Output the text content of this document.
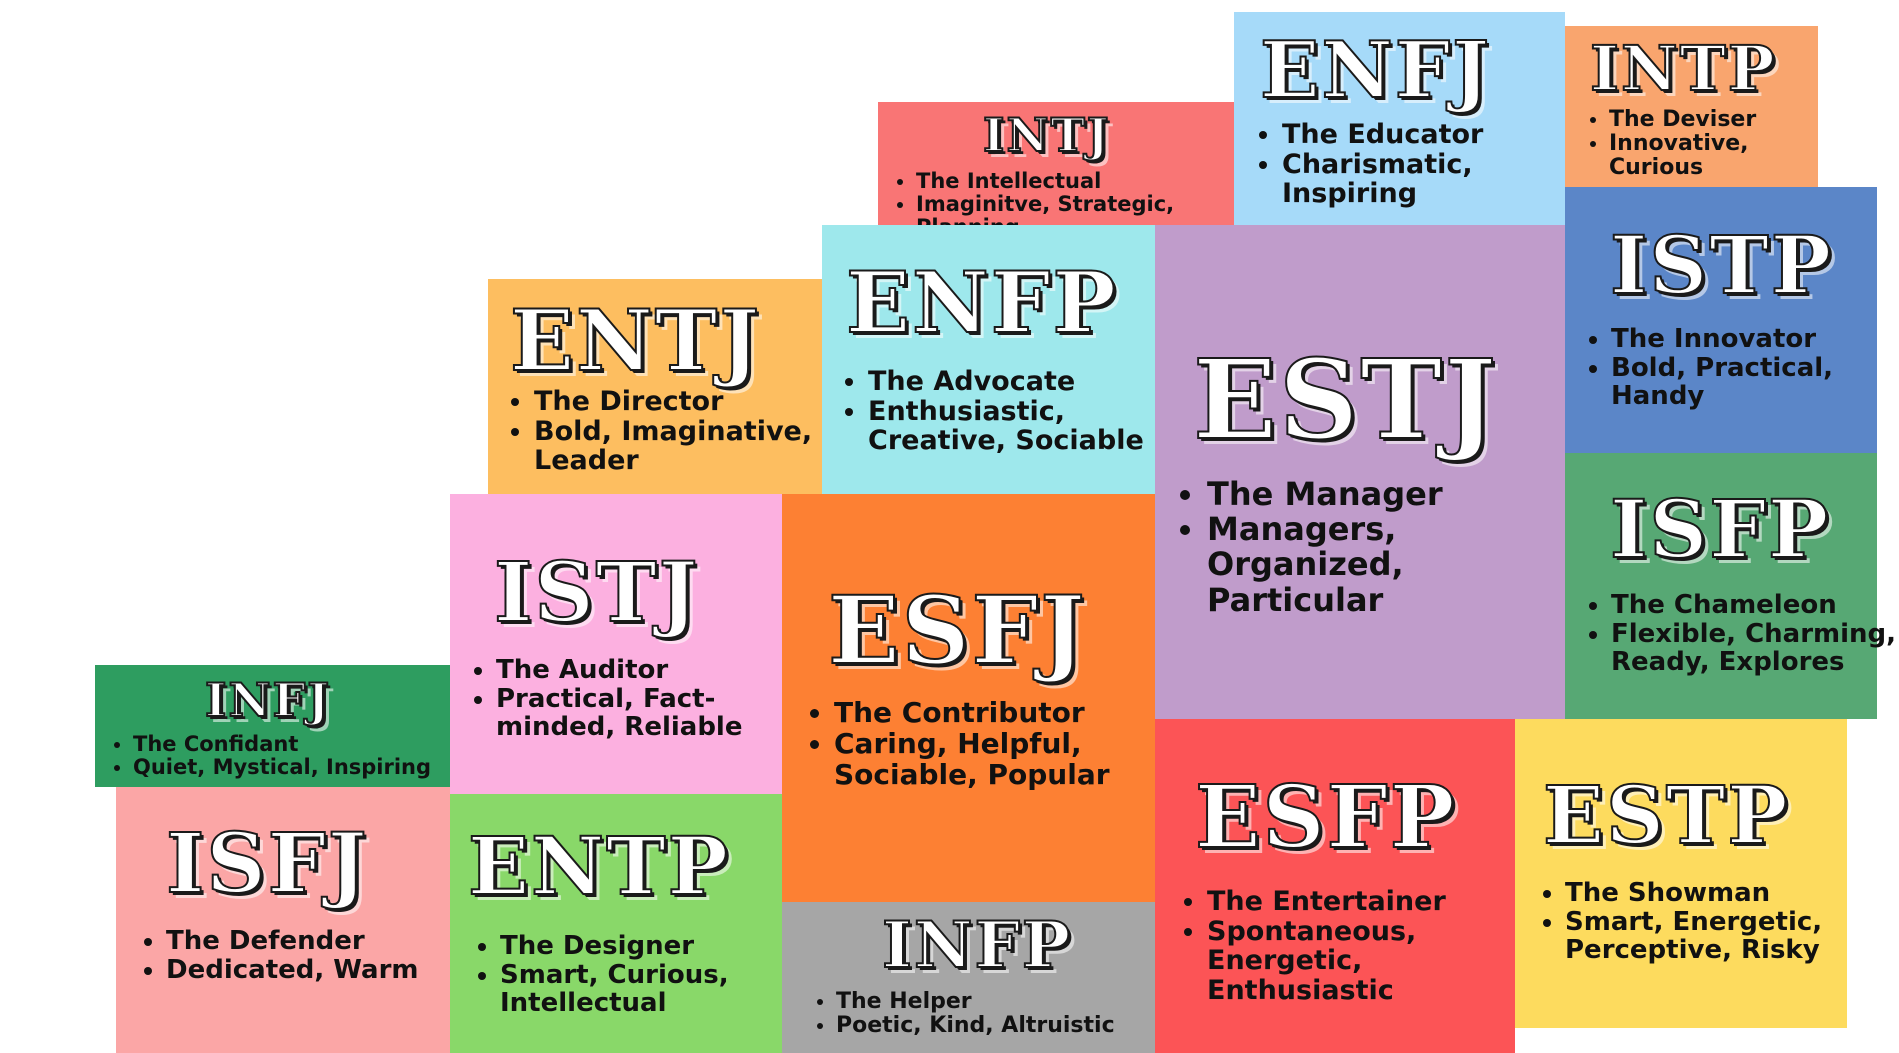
INTJ
• The Intellectual
• Imaginitve, Strategic,
ENFJ
• The Educator
• Charismatic, Inspiring
INTP
• The Deviser
• Innovative, Curious
ENTJ
• The Director
• Bold, Imaginative, Leader
ENFP
• The Advocate
• Enthusiastic, Creative, Sociable ESTJ
• The Manager
• Managers, Organized, Particular
ISTP
• The Innovator
• Bold, Practical, Handy
ISFP
• The Chameleon
• Flexible, Charming, Ready, Explores
ISTJ
• The Auditor
• Practical, Fact-minded, Reliable
ESFJ
• The Contributor
• Caring, Helpful, Sociable, Popular
INFJ
• The Confidant
• Quiet, Mystical, Inspiring
ISFJ
• The Defender
• Dedicated, Warm
ENTP
• The Designer
• Smart, Curious, Intellectual
INFP
• The Helper
• Poetic, Kind, Altruistic
ESFP
• The Entertainer
• Spontaneous, Energetic, Enthusiastic
ESTP
• The Showman
• Smart, Energetic, Perceptive, Risky
